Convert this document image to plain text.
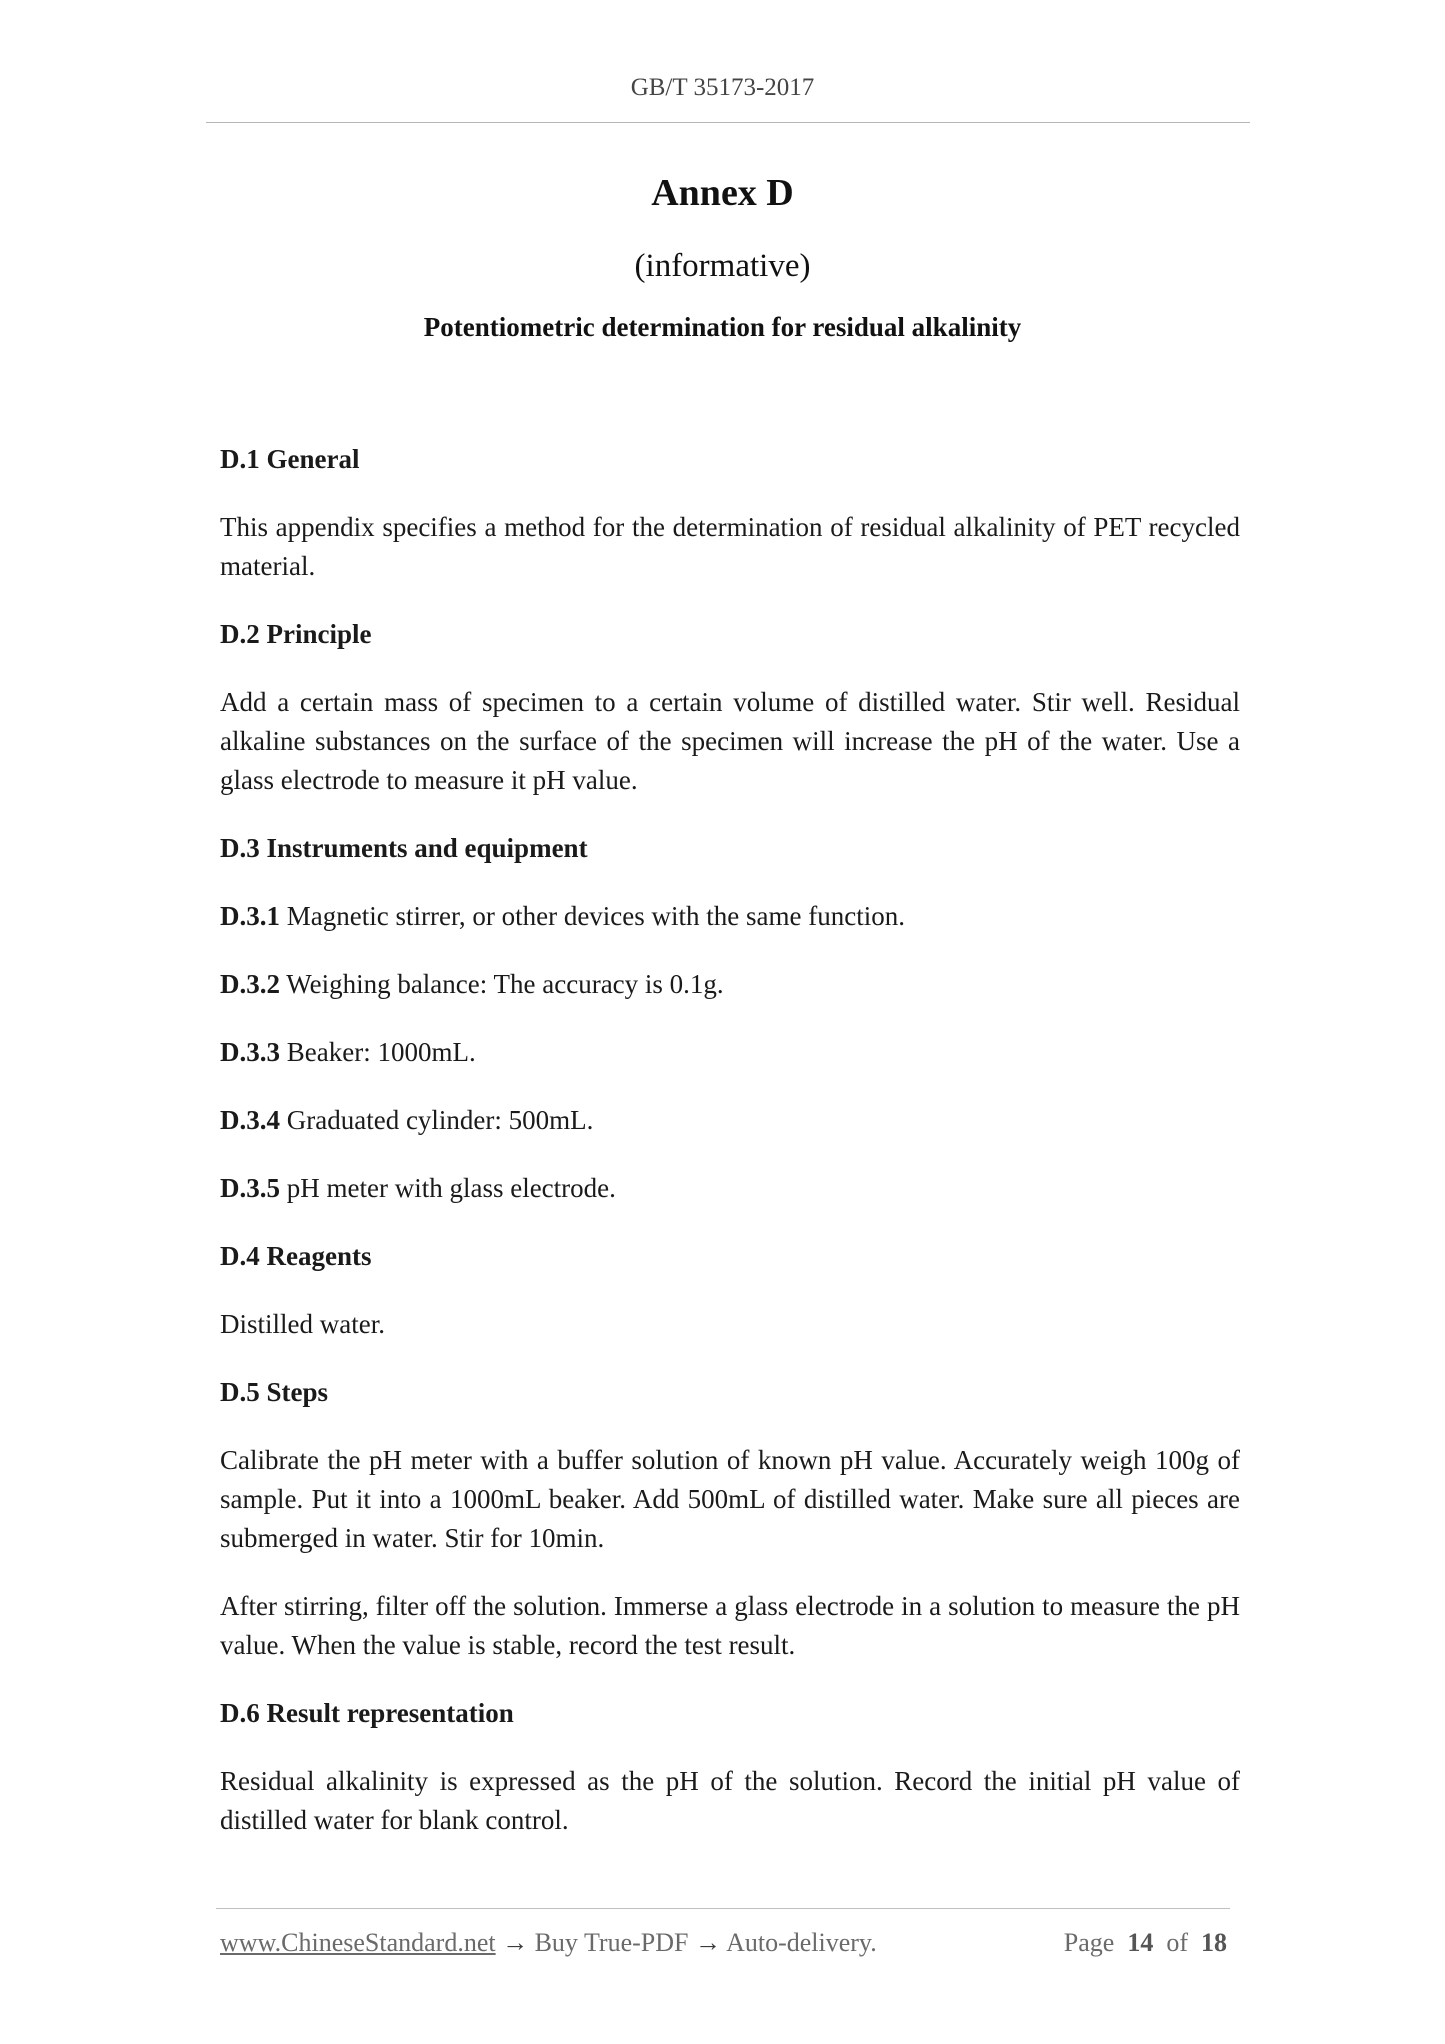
GB/T 35173-2017
Annex D
(informative)
Potentiometric determination for residual alkalinity
D.1 General

This appendix specifies a method for the determination of residual alkalinity of PET recycled material.

D.2 Principle

Add a certain mass of specimen to a certain volume of distilled water. Stir well. Residual alkaline substances on the surface of the specimen will increase the pH of the water. Use a glass electrode to measure it pH value.

D.3 Instruments and equipment
D.3.1 Magnetic stirrer, or other devices with the same function.
D.3.2 Weighing balance: The accuracy is 0.1g.
D.3.3 Beaker: 1000mL.
D.3.4 Graduated cylinder: 500mL.
D.3.5 pH meter with glass electrode.
D.4 Reagents

Distilled water.

D.5 Steps

Calibrate the pH meter with a buffer solution of known pH value. Accurately weigh 100g of sample. Put it into a 1000mL beaker. Add 500mL of distilled water. Make sure all pieces are submerged in water. Stir for 10min.

After stirring, filter off the solution. Immerse a glass electrode in a solution to measure the pH value. When the value is stable, record the test result.

D.6 Result representation

Residual alkalinity is expressed as the pH of the solution. Record the initial pH value of distilled water for blank control.

www.ChineseStandard.net → Buy True-PDF → Auto-delivery.	Page 14 of 18
